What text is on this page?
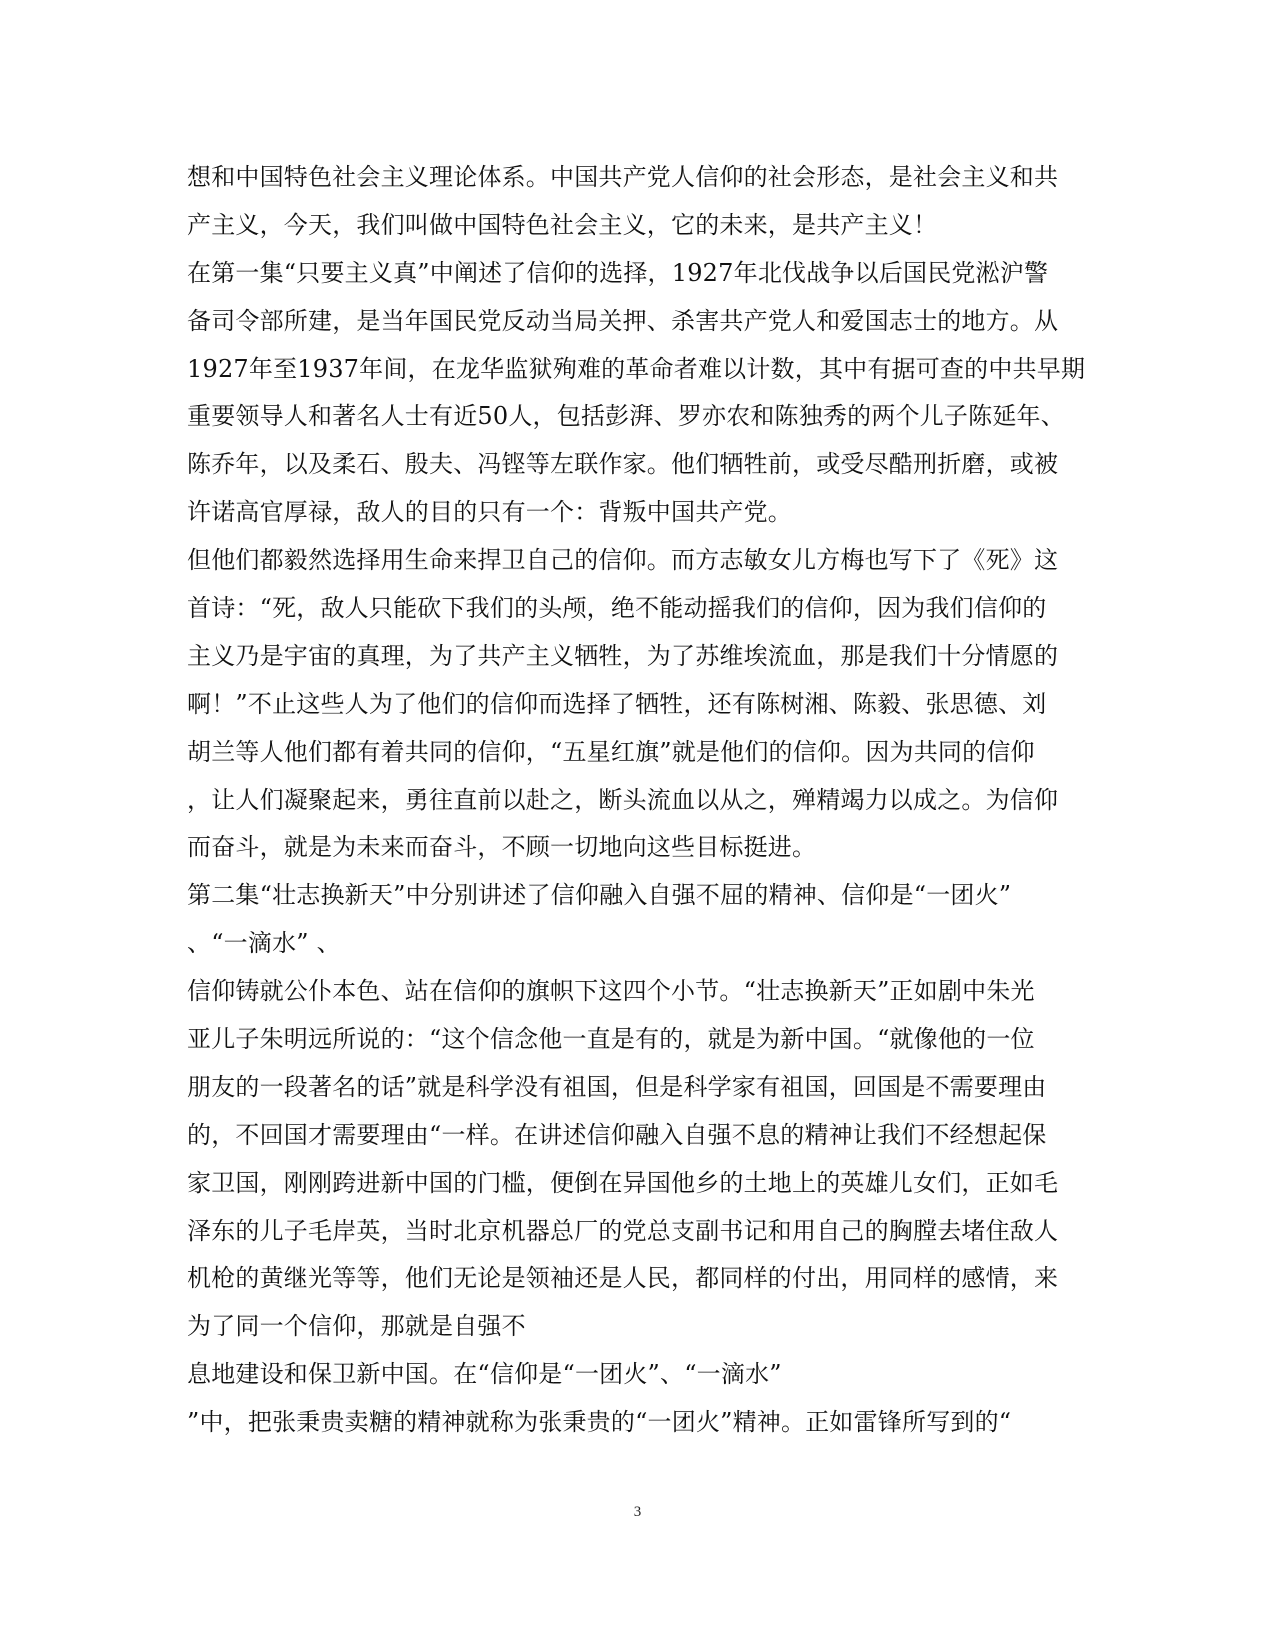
想和中国特色社会主义理论体系。中国共产党人信仰的社会形态，是社会主义和共
产主义，今天，我们叫做中国特色社会主义，它的未来，是共产主义！
在第一集“只要主义真”中阐述了信仰的选择，1927年北伐战争以后国民党淞沪警
备司令部所建，是当年国民党反动当局关押、杀害共产党人和爱国志士的地方。从
1927年至1937年间，在龙华监狱殉难的革命者难以计数，其中有据可查的中共早期
重要领导人和著名人士有近50人，包括彭湃、罗亦农和陈独秀的两个儿子陈延年、
陈乔年，以及柔石、殷夫、冯铿等左联作家。他们牺牲前，或受尽酷刑折磨，或被
许诺高官厚禄，敌人的目的只有一个：背叛中国共产党。
但他们都毅然选择用生命来捍卫自己的信仰。而方志敏女儿方梅也写下了《死》这
首诗：“死，敌人只能砍下我们的头颅，绝不能动摇我们的信仰，因为我们信仰的
主义乃是宇宙的真理，为了共产主义牺牲，为了苏维埃流血，那是我们十分情愿的
啊！”不止这些人为了他们的信仰而选择了牺牲，还有陈树湘、陈毅、张思德、刘
胡兰等人他们都有着共同的信仰，“五星红旗”就是他们的信仰。因为共同的信仰
，让人们凝聚起来，勇往直前以赴之，断头流血以从之，殚精竭力以成之。为信仰
而奋斗，就是为未来而奋斗，不顾一切地向这些目标挺进。
第二集“壮志换新天”中分别讲述了信仰融入自强不屈的精神、信仰是“一团火”
、“一滴水” 、
信仰铸就公仆本色、站在信仰的旗帜下这四个小节。“壮志换新天”正如剧中朱光
亚儿子朱明远所说的：“这个信念他一直是有的，就是为新中国。“就像他的一位
朋友的一段著名的话”就是科学没有祖国，但是科学家有祖国，回国是不需要理由
的，不回国才需要理由“一样。在讲述信仰融入自强不息的精神让我们不经想起保
家卫国，刚刚跨进新中国的门槛，便倒在异国他乡的土地上的英雄儿女们，正如毛
泽东的儿子毛岸英，当时北京机器总厂的党总支副书记和用自己的胸膛去堵住敌人
机枪的黄继光等等，他们无论是领袖还是人民，都同样的付出，用同样的感情，来
为了同一个信仰，那就是自强不
息地建设和保卫新中国。在“信仰是“一团火”、“一滴水”
”中，把张秉贵卖糖的精神就称为张秉贵的“一团火”精神。正如雷锋所写到的“
3
